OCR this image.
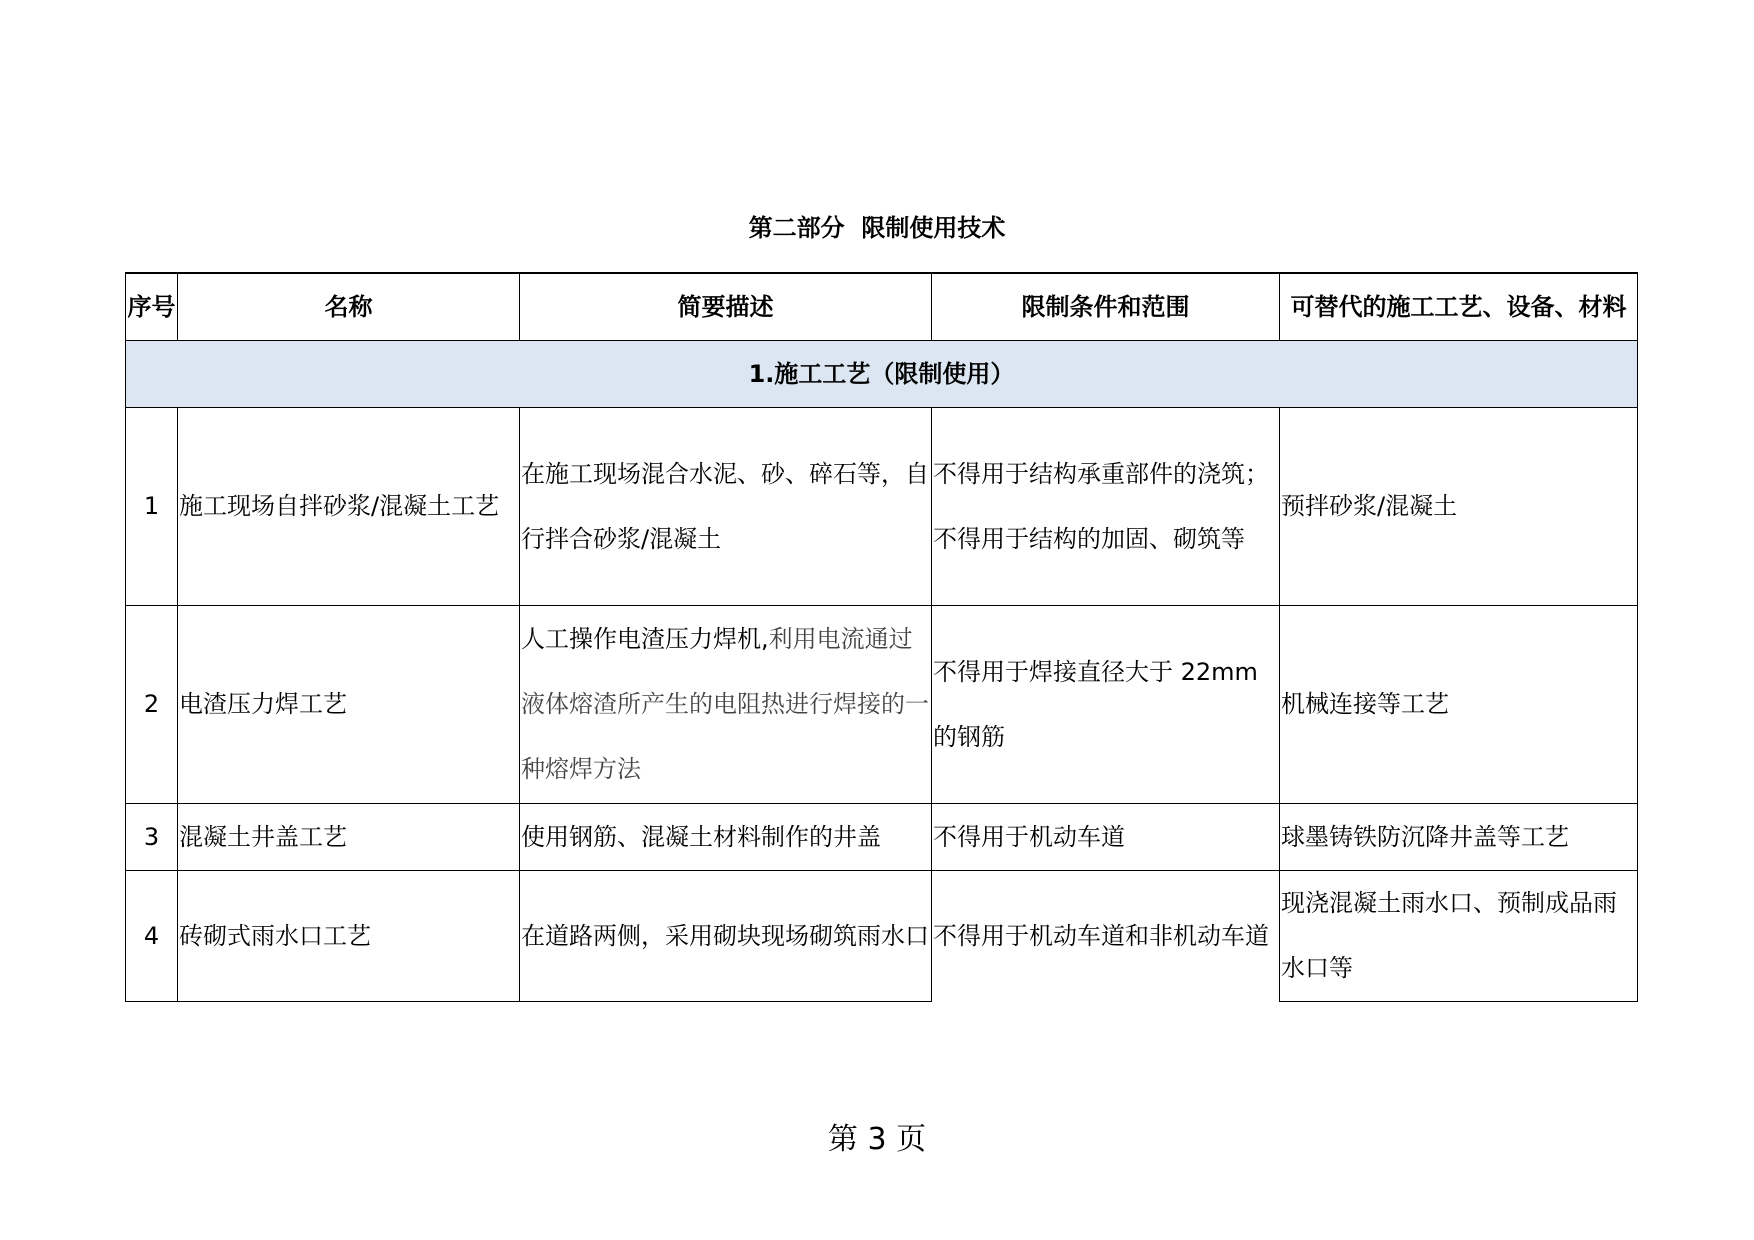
第二部分  限制使用技术
序号	名称	简要描述	限制条件和范围	可替代的施工工艺、设备、材料
1.施工工艺（限制使用）				
1	施工现场自拌砂浆/混凝土工艺	在施工现场混合水泥、砂、碎石等，自行拌合砂浆/混凝土	不得用于结构承重部件的浇筑；不得用于结构的加固、砌筑等	预拌砂浆/混凝土
2	电渣压力焊工艺	人工操作电渣压力焊机,利用电流通过液体熔渣所产生的电阻热进行焊接的一种熔焊方法	不得用于焊接直径大于 22mm 的钢筋	机械连接等工艺
3	混凝土井盖工艺	使用钢筋、混凝土材料制作的井盖	不得用于机动车道	球墨铸铁防沉降井盖等工艺
4	砖砌式雨水口工艺	在道路两侧，采用砌块现场砌筑雨水口	不得用于机动车道和非机动车道	现浇混凝土雨水口、预制成品雨水口等
第 3 页
